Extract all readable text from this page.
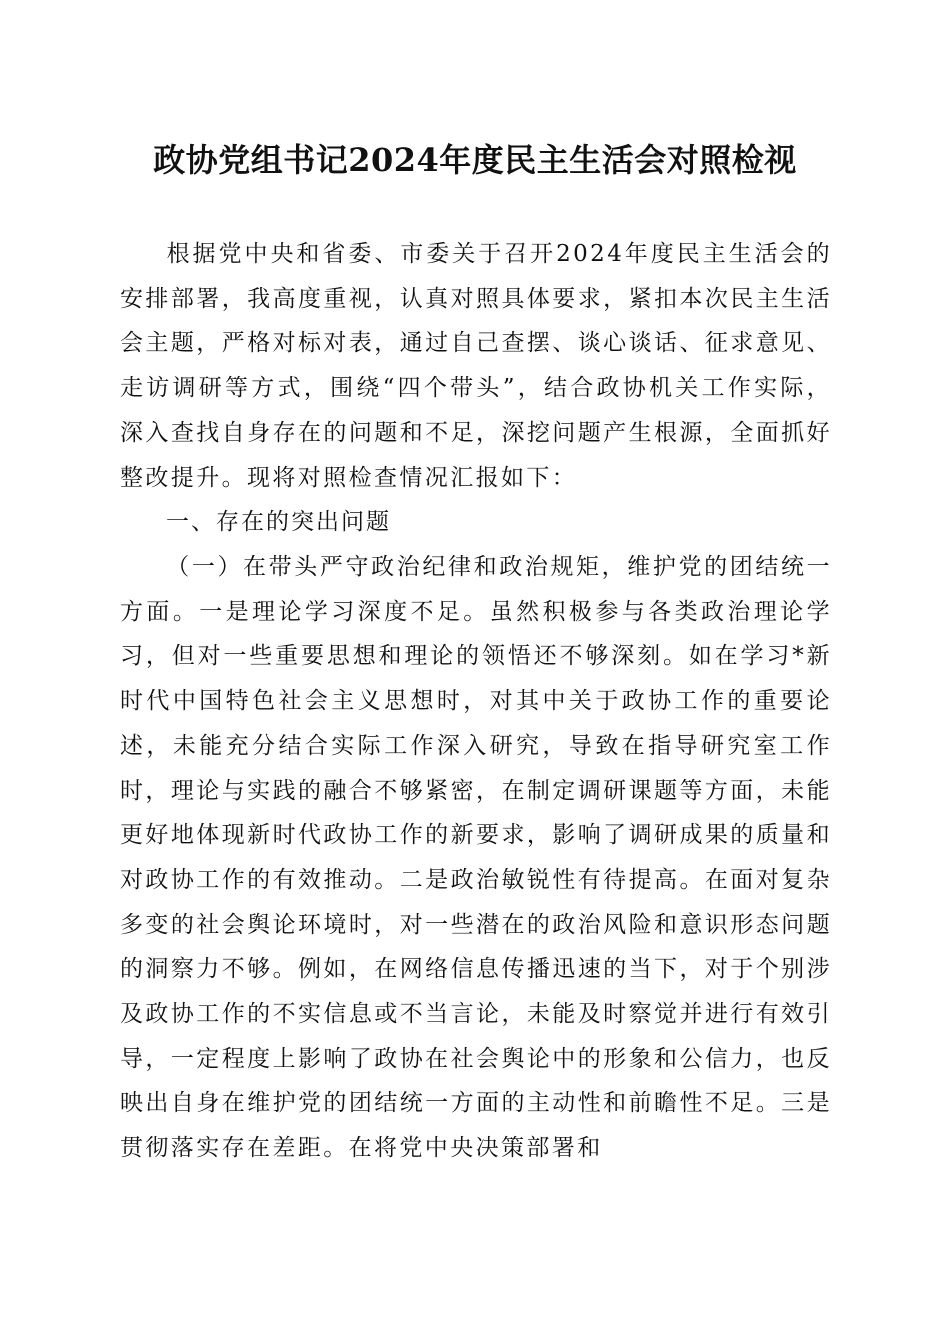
政协党组书记2024年度民主生活会对照检视

根据党中央和省委、市委关于召开2024年度民主生活会的安排部署，我高度重视，认真对照具体要求，紧扣本次民主生活会主题，严格对标对表，通过自己查摆、谈心谈话、征求意见、走访调研等方式，围绕“四个带头”，结合政协机关工作实际，深入查找自身存在的问题和不足，深挖问题产生根源，全面抓好整改提升。现将对照检查情况汇报如下：

一、存在的突出问题

（一）在带头严守政治纪律和政治规矩，维护党的团结统一方面。一是理论学习深度不足。虽然积极参与各类政治理论学习，但对一些重要思想和理论的领悟还不够深刻。如在学习*新时代中国特色社会主义思想时，对其中关于政协工作的重要论述，未能充分结合实际工作深入研究，导致在指导研究室工作时，理论与实践的融合不够紧密，在制定调研课题等方面，未能更好地体现新时代政协工作的新要求，影响了调研成果的质量和对政协工作的有效推动。二是政治敏锐性有待提高。在面对复杂多变的社会舆论环境时，对一些潜在的政治风险和意识形态问题的洞察力不够。例如，在网络信息传播迅速的当下，对于个别涉及政协工作的不实信息或不当言论，未能及时察觉并进行有效引导，一定程度上影响了政协在社会舆论中的形象和公信力，也反映出自身在维护党的团结统一方面的主动性和前瞻性不足。三是贯彻落实存在差距。在将党中央决策部署和
